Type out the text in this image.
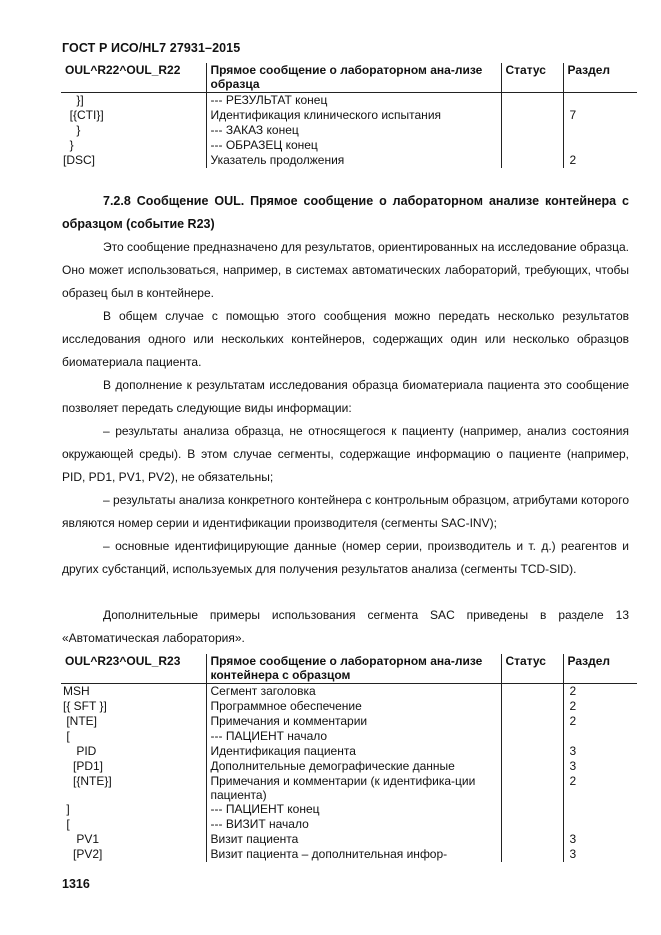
ГОСТ Р ИСО/HL7 27931–2015
OUL^R22^OUL_R22	Прямое сообщение о лабораторном ана-лизе образца	Статус	Раздел
}]	--- РЕЗУЛЬТАТ конец		
[{CTI}]	Идентификация клинического испытания		7
}	--- ЗАКАЗ конец		
}	--- ОБРАЗЕЦ конец		
[DSC]	Указатель продолжения		2
7.2.8 Сообщение OUL. Прямое сообщение о лабораторном анализе контейнера с образцом (событие R23)
Это сообщение предназначено для результатов, ориентированных на исследование образца. Оно может использоваться, например, в системах автоматических лабораторий, требующих, чтобы образец был в контейнере.
В общем случае с помощью этого сообщения можно передать несколько результатов исследования одного или нескольких контейнеров, содержащих один или несколько образцов биоматериала пациента.
В дополнение к результатам исследования образца биоматериала пациента это сообщение позволяет передать следующие виды информации:
– результаты анализа образца, не относящегося к пациенту (например, анализ состояния окружающей среды). В этом случае сегменты, содержащие информацию о пациенте (например, PID, PD1, PV1, PV2), не обязательны;
– результаты анализа конкретного контейнера с контрольным образцом, атрибутами которого являются номер серии и идентификации производителя (сегменты SAC-INV);
– основные идентифицирующие данные (номер серии, производитель и т. д.) реагентов и других субстанций, используемых для получения результатов анализа (сегменты TCD-SID).
Дополнительные примеры использования сегмента SAC приведены в разделе 13 «Автоматическая лаборатория».
OUL^R23^OUL_R23	Прямое сообщение о лабораторном ана-лизе контейнера с образцом	Статус	Раздел
MSH	Сегмент заголовка		2
[{ SFT }]	Программное обеспечение		2
[NTE]	Примечания и комментарии		2
[	--- ПАЦИЕНТ начало		
PID	Идентификация пациента		3
[PD1]	Дополнительные демографические данные		3
[{NTE}]	Примечания и комментарии (к идентифика-ции пациента)		2
]	--- ПАЦИЕНТ конец		
[	--- ВИЗИТ начало		
PV1	Визит пациента		3
[PV2]	Визит пациента – дополнительная инфор-		3
1316
